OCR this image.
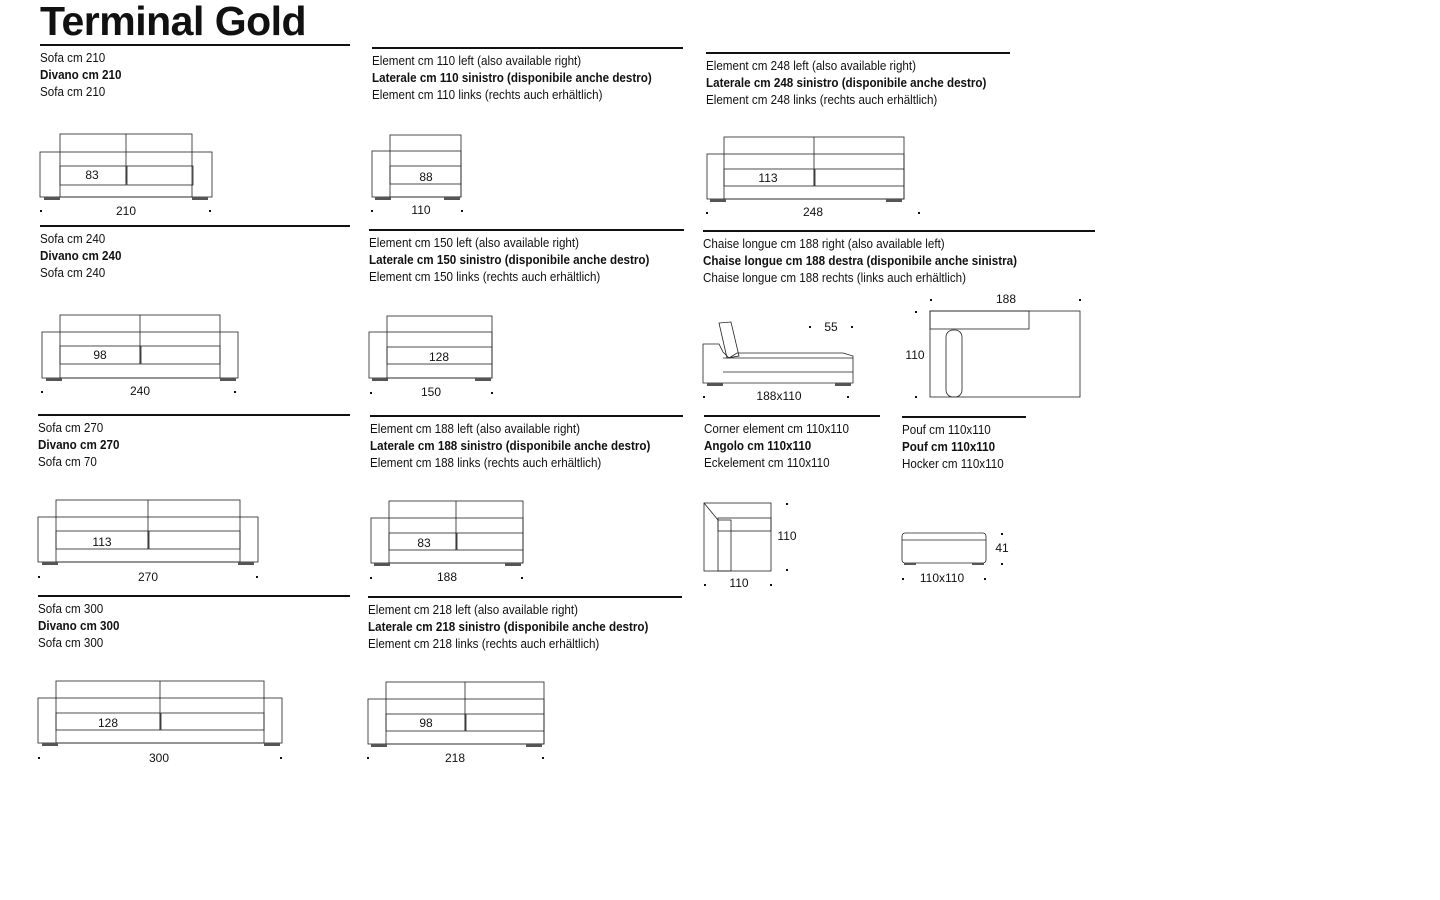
Terminal Gold
Sofa cm 210
Divano cm 210
Sofa cm 210
83
210
Sofa cm 240
Divano cm 240
Sofa cm 240
98
240
Sofa cm 270
Divano cm 270
Sofa cm 70
113
270
Sofa cm 300
Divano cm 300
Sofa cm 300
128
300
Element cm 110 left (also available right)
Laterale cm 110 sinistro (disponibile anche destro)
Element cm 110 links (rechts auch erhältlich)
88
110
Element cm 150 left (also available right)
Laterale cm 150 sinistro (disponibile anche destro)
Element cm 150 links (rechts auch erhältlich)
128
150
Element cm 188 left (also available right)
Laterale cm 188 sinistro (disponibile anche destro)
Element cm 188 links (rechts auch erhältlich)
83
188
Element cm 218 left (also available right)
Laterale cm 218 sinistro (disponibile anche destro)
Element cm 218 links (rechts auch erhältlich)
98
218
Element cm 248 left (also available right)
Laterale cm 248 sinistro (disponibile anche destro)
Element cm 248 links (rechts auch erhältlich)
113
248
Chaise longue cm 188 right (also available left)
Chaise longue cm 188 destra (disponibile anche sinistra)
Chaise longue cm 188 rechts (links auch erhältlich)
55
188x110
188
110
Corner element cm 110x110
Angolo cm 110x110
Eckelement cm 110x110
110
110
Pouf cm 110x110
Pouf cm 110x110
Hocker cm 110x110
41
110x110
